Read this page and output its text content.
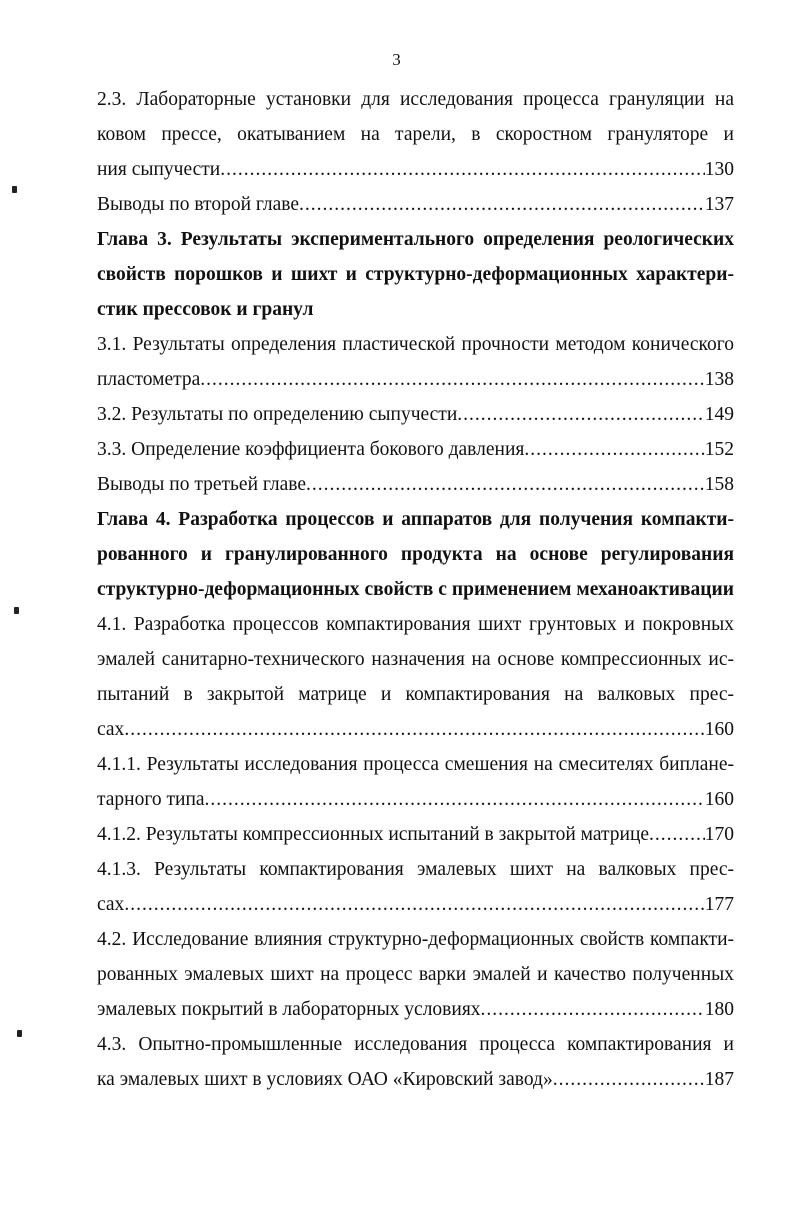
3
2.3. Лабораторные установки для исследования процесса грануляции на
ковом прессе, окатыванием на тарели, в скоростном грануляторе и
ния сыпучести .....	130
Выводы по второй главе .....	137
Глава 3. Результаты экспериментального определения реологических
свойств порошков и шихт и структурно-деформационных характери-
стик прессовок и гранул
3.1. Результаты определения пластической прочности методом конического
пластометра .....	138
3.2. Результаты по определению сыпучести .....	149
3.3. Определение коэффициента бокового давления .....	152
Выводы по третьей главе .....	158
Глава 4. Разработка процессов и аппаратов для получения компакти-
рованного и гранулированного продукта на основе регулирования
структурно-деформационных свойств с применением механоактивации
4.1. Разработка процессов компактирования шихт грунтовых и покровных
эмалей санитарно-технического назначения на основе компрессионных ис-
пытаний в закрытой матрице и компактирования на валковых прес-
сах .....	160
4.1.1. Результаты исследования процесса смешения на смесителях биплане-
тарного типа .....	160
4.1.2. Результаты компрессионных испытаний в закрытой матрице .....	170
4.1.3. Результаты компактирования эмалевых шихт на валковых прес-
сах .....	177
4.2. Исследование влияния структурно-деформационных свойств компакти-
рованных эмалевых шихт на процесс варки эмалей и качество полученных
эмалевых покрытий в лабораторных условиях .....	180
4.3. Опытно-промышленные исследования процесса компактирования и
ка эмалевых шихт в условиях ОАО «Кировский завод» .....	187
